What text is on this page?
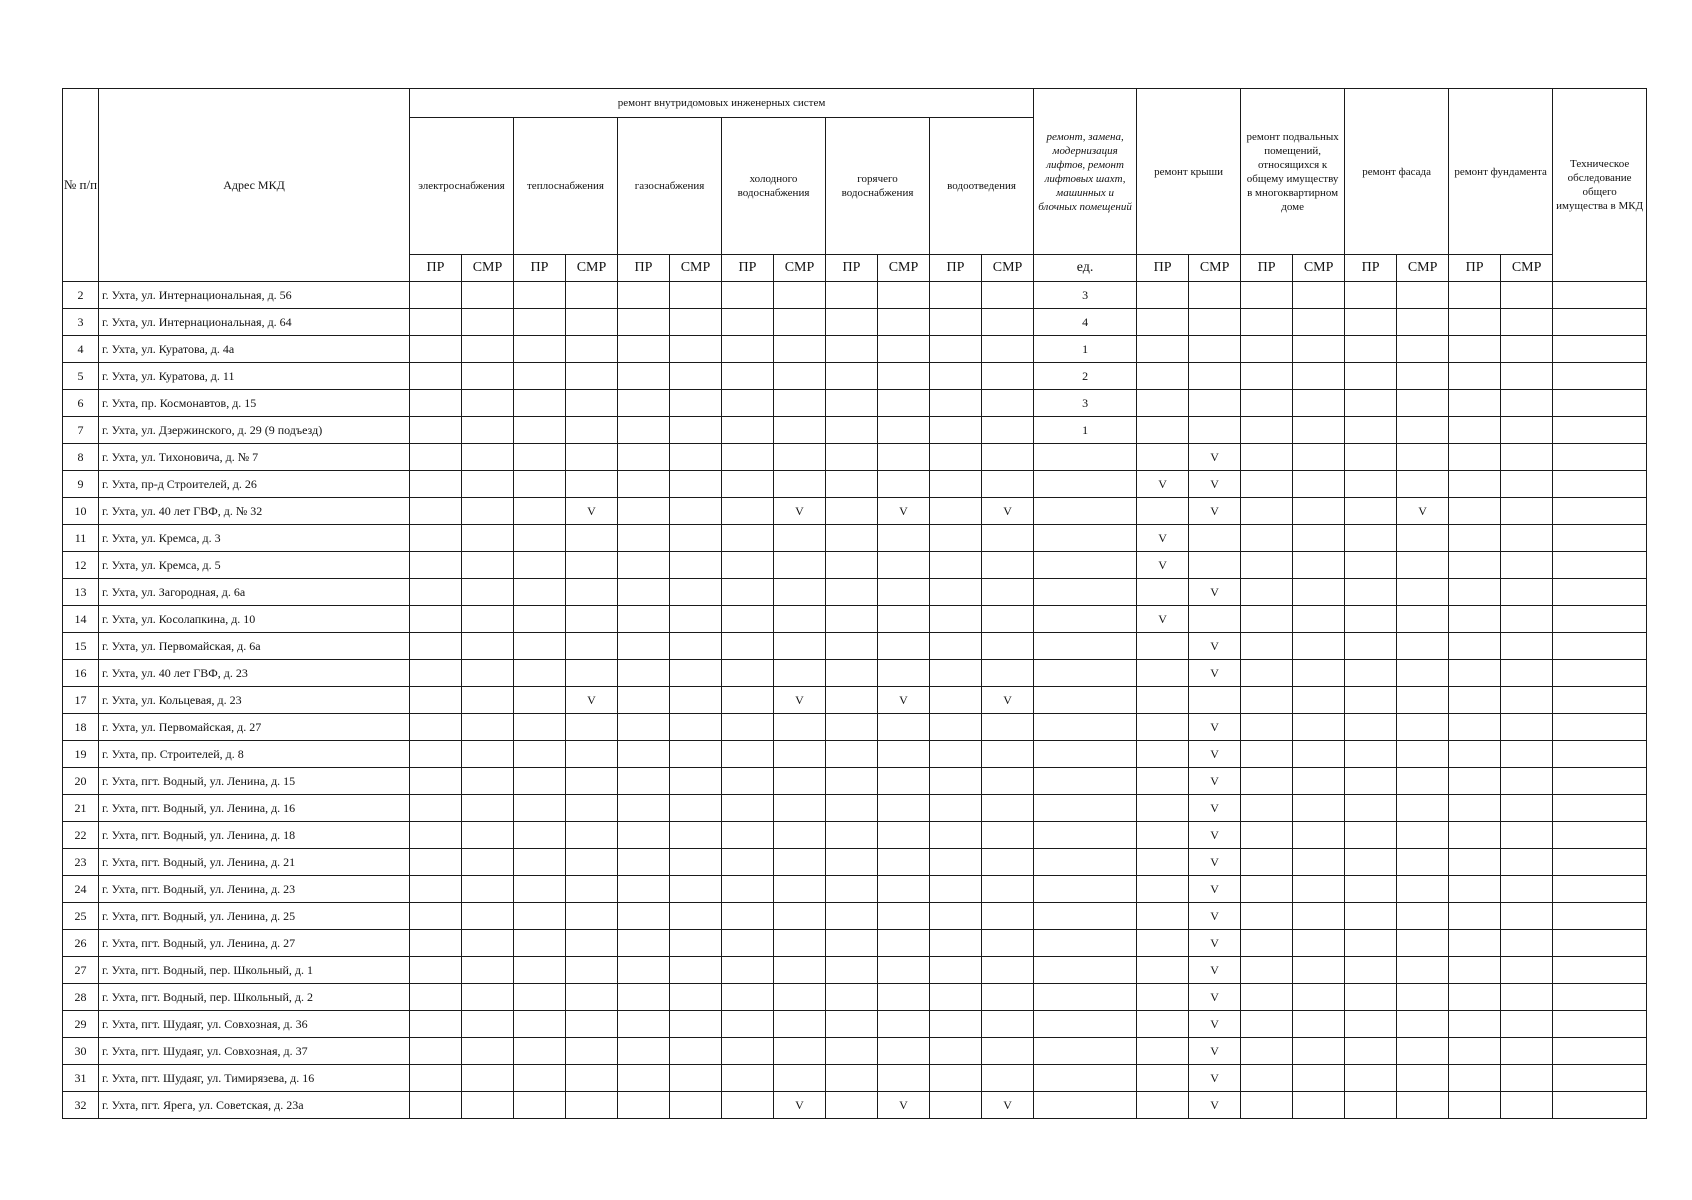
№ п/п	Адрес МКД	ремонт внутридомовых инженерных систем												ремонт, замена, модернизация лифтов, ремонт лифтовых шахт, машинных и блочных помещений	ремонт крыши		ремонт подвальных помещений, относящихся к общему имуществу в многоквартирном доме		ремонт фасада		ремонт фундамента		Техническое обследование общего имущества в МКД
		электроснабжения		теплоснабжения		газоснабжения		холодного водоснабжения		горячего водоснабжения		водоотведения											
		ПР	СМР	ПР	СМР	ПР	СМР	ПР	СМР	ПР	СМР	ПР	СМР	ед.	ПР	СМР	ПР	СМР	ПР	СМР	ПР	СМР	
2	г. Ухта, ул. Интернациональная, д. 56													3									
3	г. Ухта, ул. Интернациональная, д. 64													4									
4	г. Ухта, ул. Куратова, д. 4а													1									
5	г. Ухта, ул. Куратова, д. 11													2									
6	г. Ухта, пр. Космонавтов, д. 15													3									
7	г. Ухта, ул. Дзержинского, д. 29 (9 подъезд)													1									
8	г. Ухта, ул. Тихоновича, д. № 7															V							
9	г. Ухта, пр-д Строителей, д. 26														V	V							
10	г. Ухта, ул. 40 лет ГВФ, д. № 32				V				V		V		V			V				V			
11	г. Ухта, ул. Кремса, д. 3														V								
12	г. Ухта, ул. Кремса, д. 5														V								
13	г. Ухта, ул. Загородная, д. 6а															V							
14	г. Ухта, ул. Косолапкина, д. 10														V								
15	г. Ухта, ул. Первомайская, д. 6а															V							
16	г. Ухта, ул. 40 лет ГВФ, д. 23															V							
17	г. Ухта, ул. Кольцевая, д. 23				V				V		V		V										
18	г. Ухта, ул. Первомайская, д. 27															V							
19	г. Ухта, пр. Строителей, д. 8															V							
20	г. Ухта, пгт. Водный, ул. Ленина, д. 15															V							
21	г. Ухта, пгт. Водный, ул. Ленина, д. 16															V							
22	г. Ухта, пгт. Водный, ул. Ленина, д. 18															V							
23	г. Ухта, пгт. Водный, ул. Ленина, д. 21															V							
24	г. Ухта, пгт. Водный, ул. Ленина, д. 23															V							
25	г. Ухта, пгт. Водный, ул. Ленина, д. 25															V							
26	г. Ухта, пгт. Водный, ул. Ленина, д. 27															V							
27	г. Ухта, пгт. Водный, пер. Школьный, д. 1															V							
28	г. Ухта, пгт. Водный, пер. Школьный, д. 2															V							
29	г. Ухта, пгт. Шудаяг, ул. Совхозная, д. 36															V							
30	г. Ухта, пгт. Шудаяг, ул. Совхозная, д. 37															V							
31	г. Ухта, пгт. Шудаяг, ул. Тимирязева, д. 16															V							
32	г. Ухта, пгт. Ярега, ул. Советская, д. 23а								V		V		V			V							
